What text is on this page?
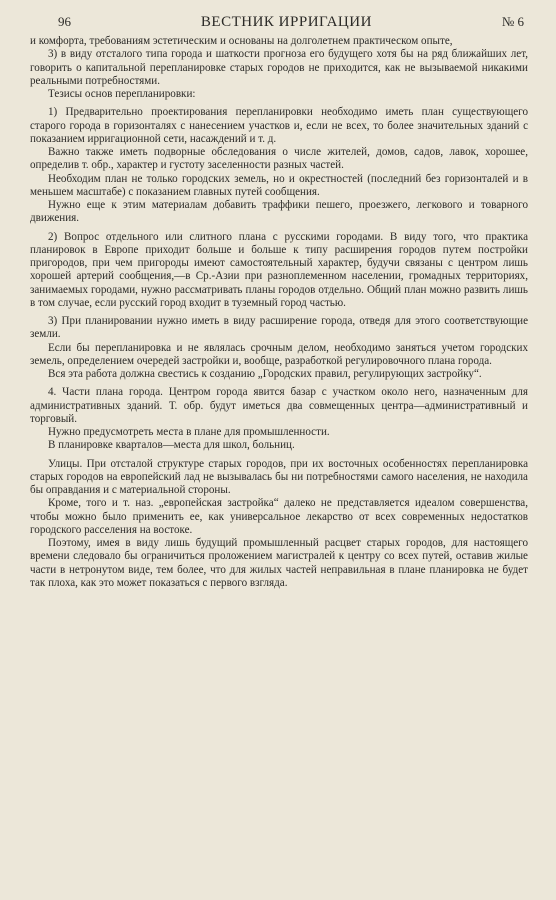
96	ВЕСТНИК ИРРИГАЦИИ	№ 6

и комфорта, требованиям эстетическим и основаны на долголетнем практическом опыте,

3) в виду отсталого типа города и шаткости прогноза его будущего хотя бы на ряд ближайших лет, говорить о капитальной перепланировке старых городов не приходится, как не вызываемой никакими реальными потребностями.

Тезисы основ перепланировки:

1) Предварительно проектирования перепланировки необходимо иметь план существующего старого города в горизонталях с нанесением участков и, если не всех, то более значительных зданий с показанием ирригационной сети, насаждений и т. д.

Важно также иметь подворные обследования о числе жителей, домов, садов, лавок, хорошее, определив т. обр., характер и густоту заселенности разных частей.

Необходим план не только городских земель, но и окрестностей (последний без горизонталей и в меньшем масштабе) с показанием главных путей сообщения.

Нужно еще к этим материалам добавить траффики пешего, проезжего, легкового и товарного движения.

2) Вопрос отдельного или слитного плана с русскими городами. В виду того, что практика планировок в Европе приходит больше и больше к типу расширения городов путем постройки пригородов, при чем пригороды имеют самостоятельный характер, будучи связаны с центром лишь хорошей артерий сообщения,—в Ср.-Азии при разноплеменном населении, громадных территориях, занимаемых городами, нужно рассматривать планы городов отдельно. Общий план можно развить лишь в том случае, если русский город входит в туземный город частью.

3) При планировании нужно иметь в виду расширение города, отведя для этого соответствующие земли.

Если бы перепланировка и не являлась срочным делом, необходимо заняться учетом городских земель, определением очередей застройки и, вообще, разработкой регулировочного плана города.

Вся эта работа должна свестись к созданию „Городских правил, регулирующих застройку“.

4. Части плана города. Центром города явится базар с участком около него, назначенным для административных зданий. Т. обр. будут иметься два совмещенных центра—административный и торговый.

Нужно предусмотреть места в плане для промышленности.

В планировке кварталов—места для школ, больниц.

Улицы. При отсталой структуре старых городов, при их восточных особенностях перепланировка старых городов на европейский лад не вызывалась бы ни потребностями самого населения, не находила бы оправдания и с материальной стороны.

Кроме, того и т. наз. „европейская застройка“ далеко не представляется идеалом совершенства, чтобы можно было применить ее, как универсальное лекарство от всех современных недостатков городского расселения на востоке.

Поэтому, имея в виду лишь будущий промышленный расцвет старых городов, для настоящего времени следовало бы ограничиться проложением магистралей к центру со всех путей, оставив жилые части в нетронутом виде, тем более, что для жилых частей неправильная в плане планировка не будет так плоха, как это может показаться с первого взгляда.
